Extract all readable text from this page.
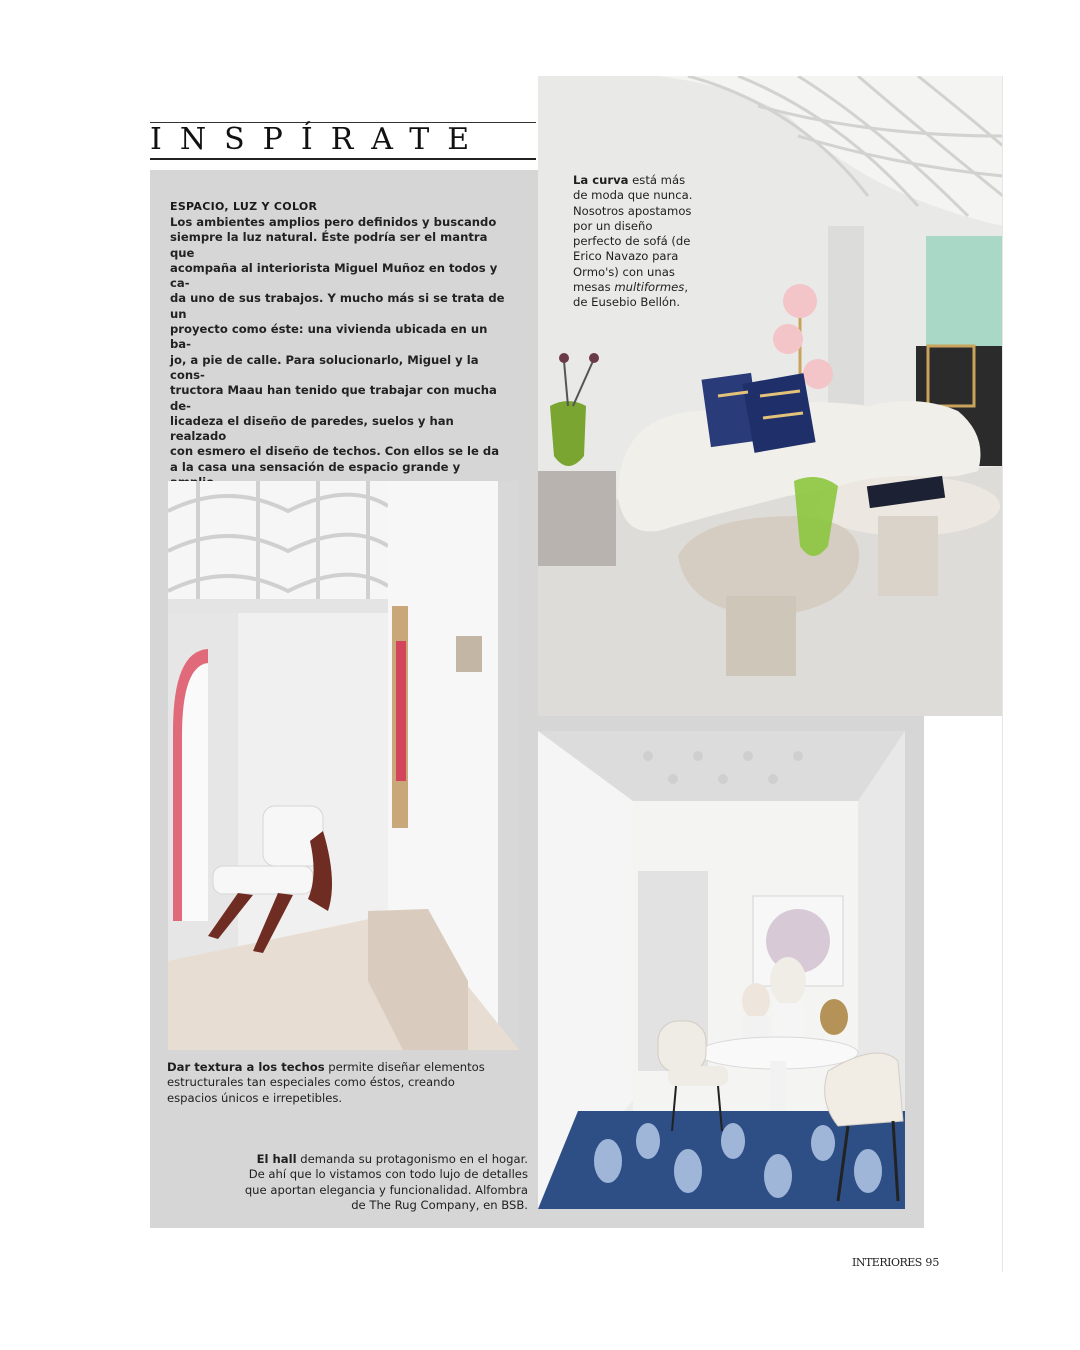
INSPÍRATE

ESPACIO, LUZ Y COLOR

Los ambientes amplios pero definidos y buscando
siempre la luz natural. Éste podría ser el mantra que
acompaña al interiorista Miguel Muñoz en todos y ca-
da uno de sus trabajos. Y mucho más si se trata de un
proyecto como éste: una vivienda ubicada en un ba-
jo, a pie de calle. Para solucionarlo, Miguel y la cons-
tructora Maau han tenido que trabajar con mucha de-
licadeza el diseño de paredes, suelos y han realzado
con esmero el diseño de techos. Con ellos se le da
a la casa una sensación de espacio grande y

La curva está más
de moda que nunca.
Nosotros apostamos
por un diseño
perfecto de sofá (de
Erico Navazo para
Ormo's) con unas
mesas multiformes,
de Eusebio Bellón.

Dar textura a los techos permite diseñar elementos
estructurales tan especiales como éstos, creando
espacios únicos e irrepetibles.

El hall demanda su protagonismo en el hogar.
De ahí que lo vistamos con todo lujo de detalles
que aportan elegancia y funcionalidad. Alfombra
de The Rug Company, en BSB.

INTERIORES 95
